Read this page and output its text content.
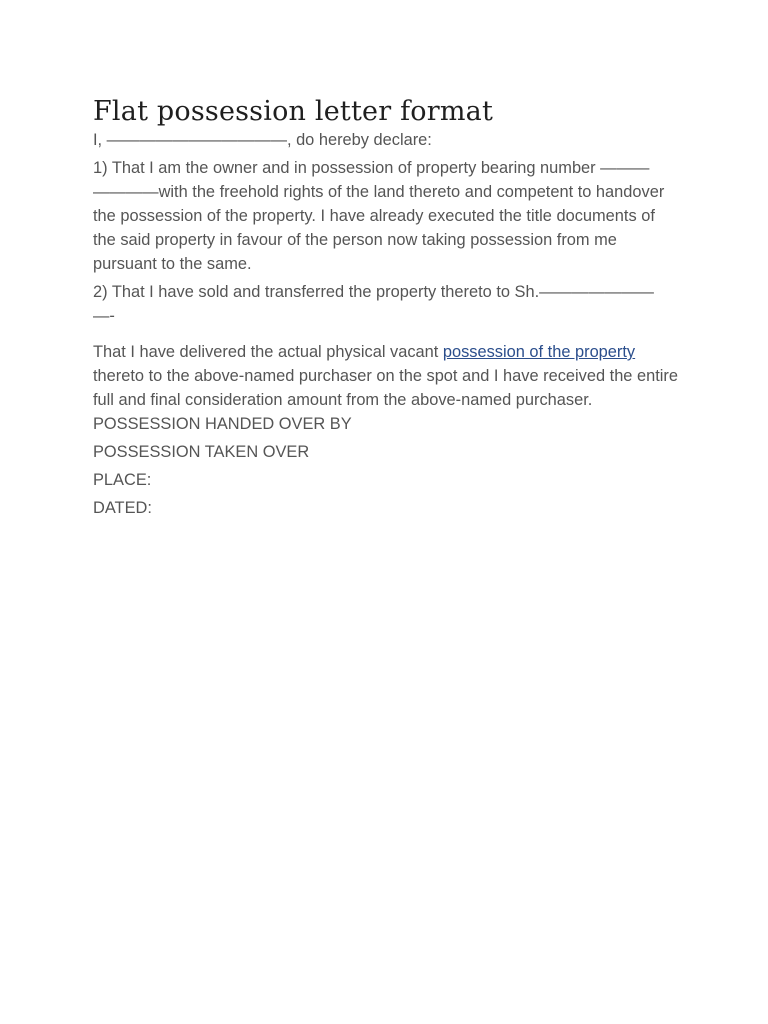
Flat possession letter format

I, ———————————, do hereby declare:

1) That I am the owner and in possession of property bearing number ——— ————with the freehold rights of the land thereto and competent to handover the possession of the property. I have already executed the title documents of the said property in favour of the person now taking possession from me pursuant to the same.

2) That I have sold and transferred the property thereto to Sh.———————
—-

That I have delivered the actual physical vacant possession of the property thereto to the above-named purchaser on the spot and I have received the entire full and final consideration amount from the above-named purchaser.

POSSESSION HANDED OVER BY

POSSESSION TAKEN OVER

PLACE:

DATED:
